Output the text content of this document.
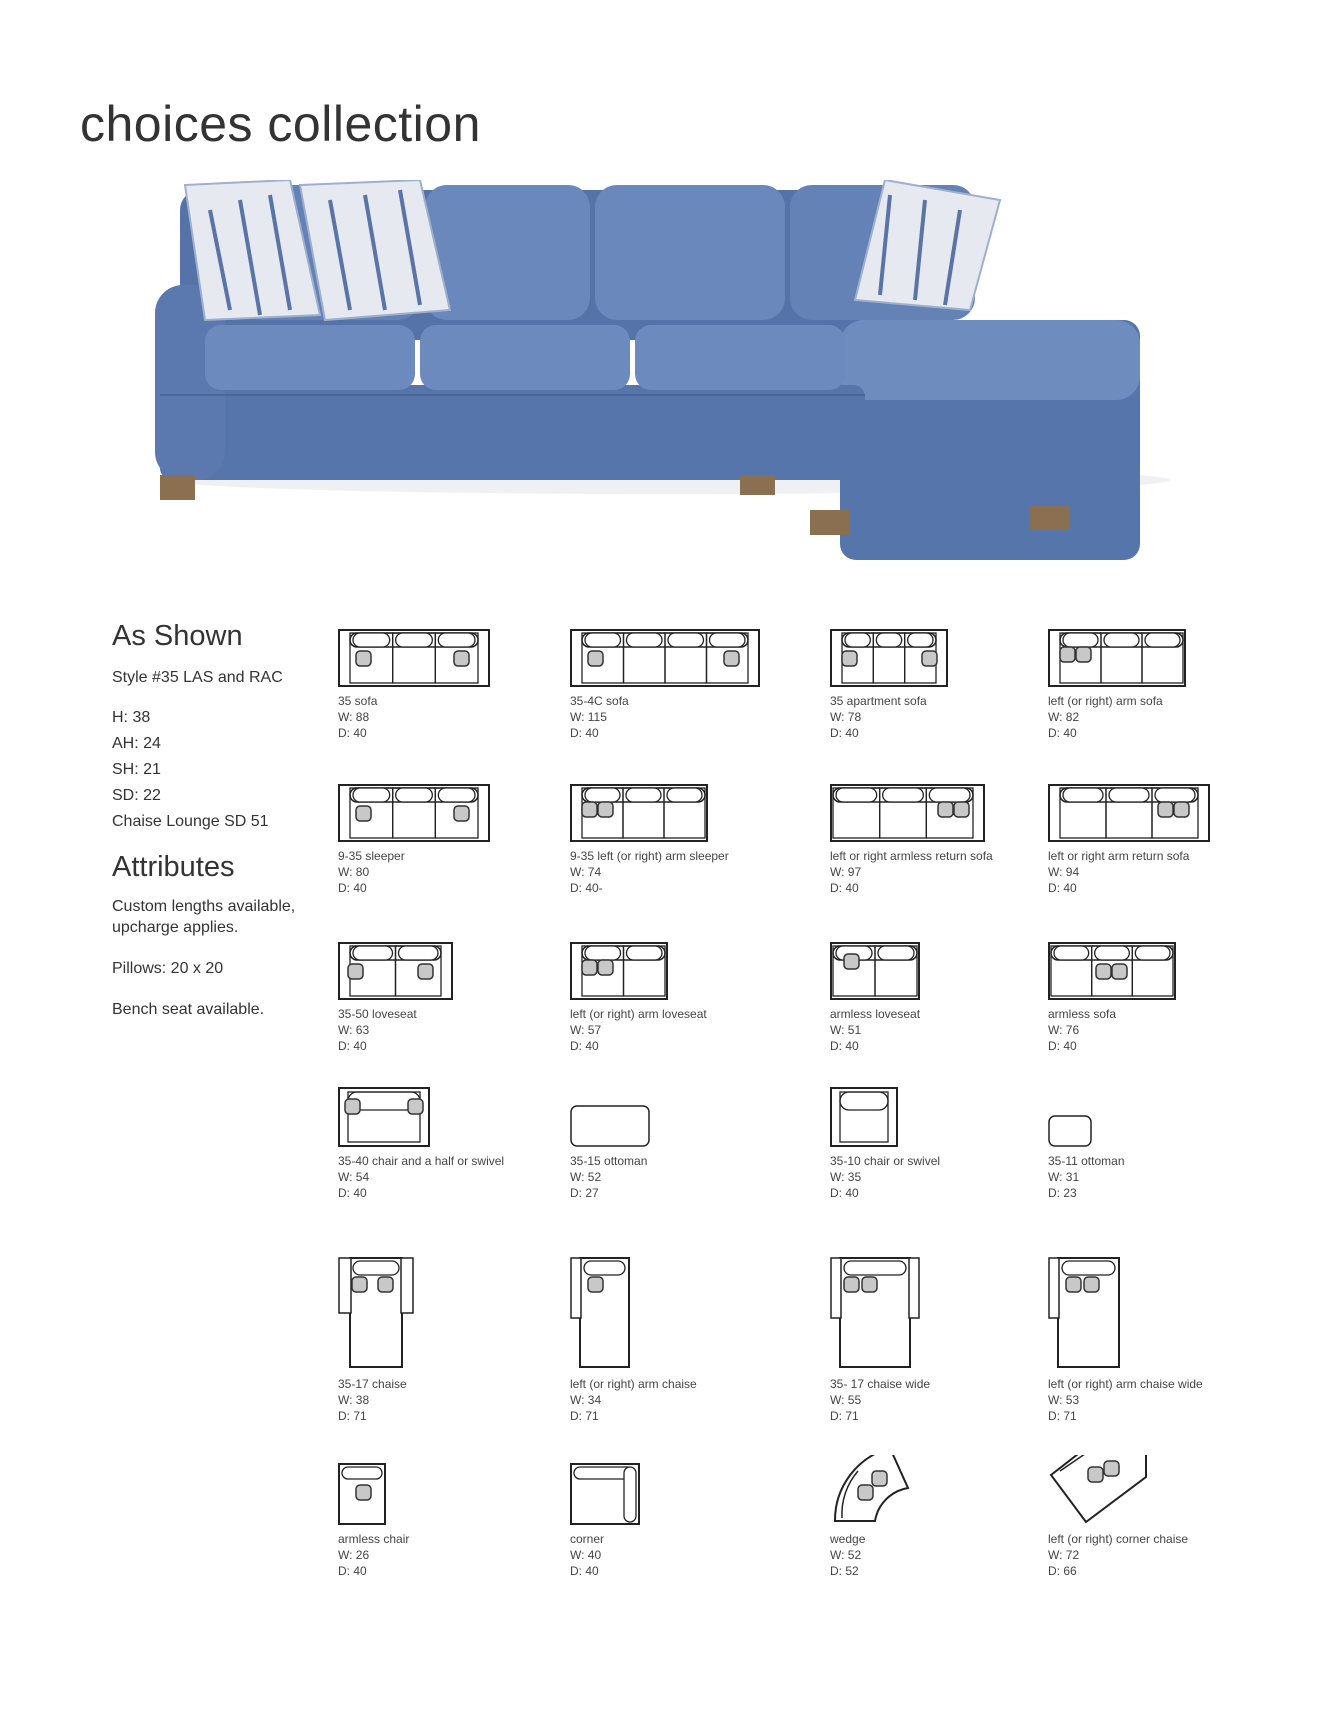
choices collection
As Shown
Style #35 LAS and RAC
H: 38
AH: 24
SH: 21
SD: 22
Chaise Lounge SD 51
Attributes
Custom lengths available, upcharge applies.
Pillows: 20 x 20
Bench seat available.
35 sofa
W: 88
D: 40
35-4C sofa
W: 115
D: 40
35 apartment sofa
W: 78
D: 40
left (or right) arm sofa
W: 82
D: 40
9-35 sleeper
W: 80
D: 40
9-35 left (or right) arm sleeper
W: 74
D: 40-
left or right armless return sofa
W: 97
D: 40
left or right arm return sofa
W: 94
D: 40
35-50 loveseat
W: 63
D: 40
left (or right) arm loveseat
W: 57
D: 40
armless loveseat
W: 51
D: 40
armless sofa
W: 76
D: 40
35-40 chair and a half or swivel
W: 54
D: 40
35-15 ottoman
W: 52
D: 27
35-10 chair or swivel
W: 35
D: 40
35-11 ottoman
W: 31
D: 23
35-17 chaise
W: 38
D: 71
left (or right) arm chaise
W: 34
D: 71
35- 17 chaise wide
W: 55
D: 71
left (or right) arm chaise wide
W: 53
D: 71
armless chair
W: 26
D: 40
corner
W: 40
D: 40
wedge
W: 52
D: 52
left (or right) corner chaise
W: 72
D: 66
